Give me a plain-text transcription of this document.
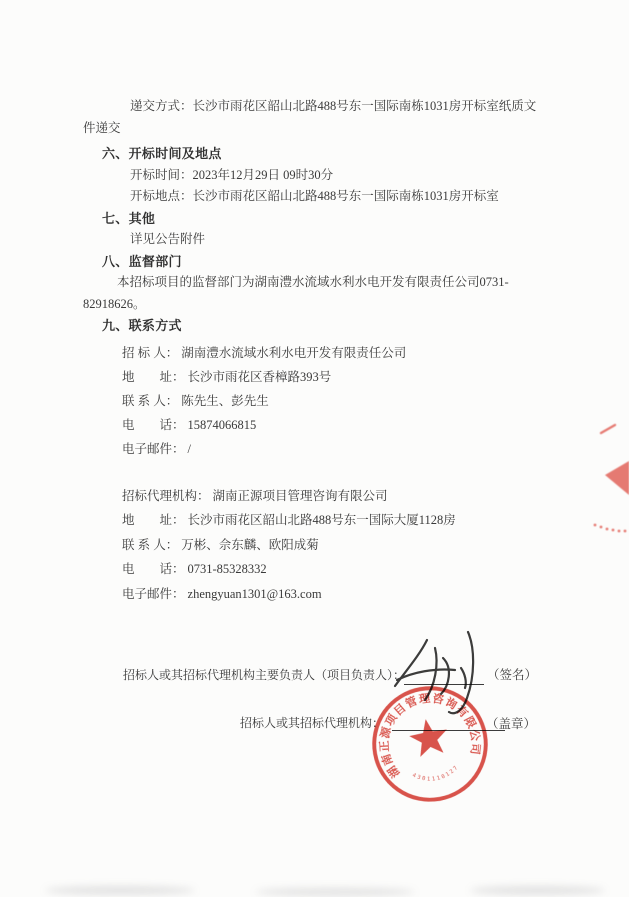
递交方式：长沙市雨花区韶山北路488号东一国际南栋1031房开标室纸质文
件递交
六、开标时间及地点
开标时间：2023年12月29日 09时30分
开标地点：长沙市雨花区韶山北路488号东一国际南栋1031房开标室
七、其他
详见公告附件
八、监督部门
本招标项目的监督部门为湖南澧水流域水利水电开发有限责任公司0731-
82918626。
九、联系方式
招 标 人： 湖南澧水流域水利水电开发有限责任公司
地　　址： 长沙市雨花区香樟路393号
联 系 人： 陈先生、彭先生
电　　话： 15874066815
电子邮件： /
招标代理机构： 湖南正源项目管理咨询有限公司
地　　址： 长沙市雨花区韶山北路488号东一国际大厦1128房
联 系 人： 万彬、佘东麟、欧阳成菊
电　　话： 0731-85328332
电子邮件： zhengyuan1301@163.com
招标人或其招标代理机构主要负责人（项目负责人）：	（签名）
招标人或其招标代理机构：	（盖章）
湖南正源项目管理咨询有限公司
4301110127
